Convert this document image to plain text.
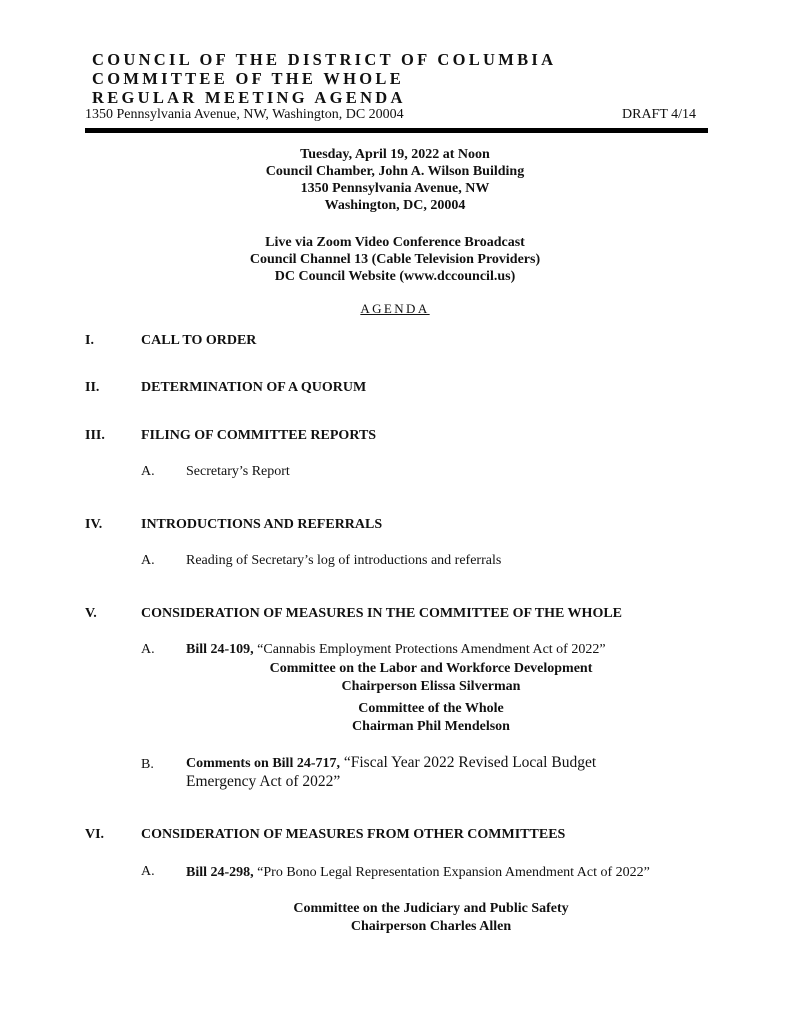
COUNCIL OF THE DISTRICT OF COLUMBIA
COMMITTEE OF THE WHOLE
REGULAR MEETING AGENDA
1350 Pennsylvania Avenue, NW, Washington, DC 20004	DRAFT 4/14
Tuesday, April 19, 2022 at Noon
Council Chamber, John A. Wilson Building
1350 Pennsylvania Avenue, NW
Washington, DC, 20004
Live via Zoom Video Conference Broadcast
Council Channel 13 (Cable Television Providers)
DC Council Website (www.dccouncil.us)
AGENDA
I.	CALL TO ORDER
II.	DETERMINATION OF A QUORUM
III.	FILING OF COMMITTEE REPORTS
A. Secretary’s Report
IV.	INTRODUCTIONS AND REFERRALS
A. Reading of Secretary’s log of introductions and referrals
V.	CONSIDERATION OF MEASURES IN THE COMMITTEE OF THE WHOLE
A. Bill 24-109, “Cannabis Employment Protections Amendment Act of 2022”
Committee on the Labor and Workforce Development
Chairperson Elissa Silverman
Committee of the Whole
Chairman Phil Mendelson
B. Comments on Bill 24-717, “Fiscal Year 2022 Revised Local Budget Emergency Act of 2022”
VI.	CONSIDERATION OF MEASURES FROM OTHER COMMITTEES
A. Bill 24-298, “Pro Bono Legal Representation Expansion Amendment Act of 2022”
Committee on the Judiciary and Public Safety
Chairperson Charles Allen
